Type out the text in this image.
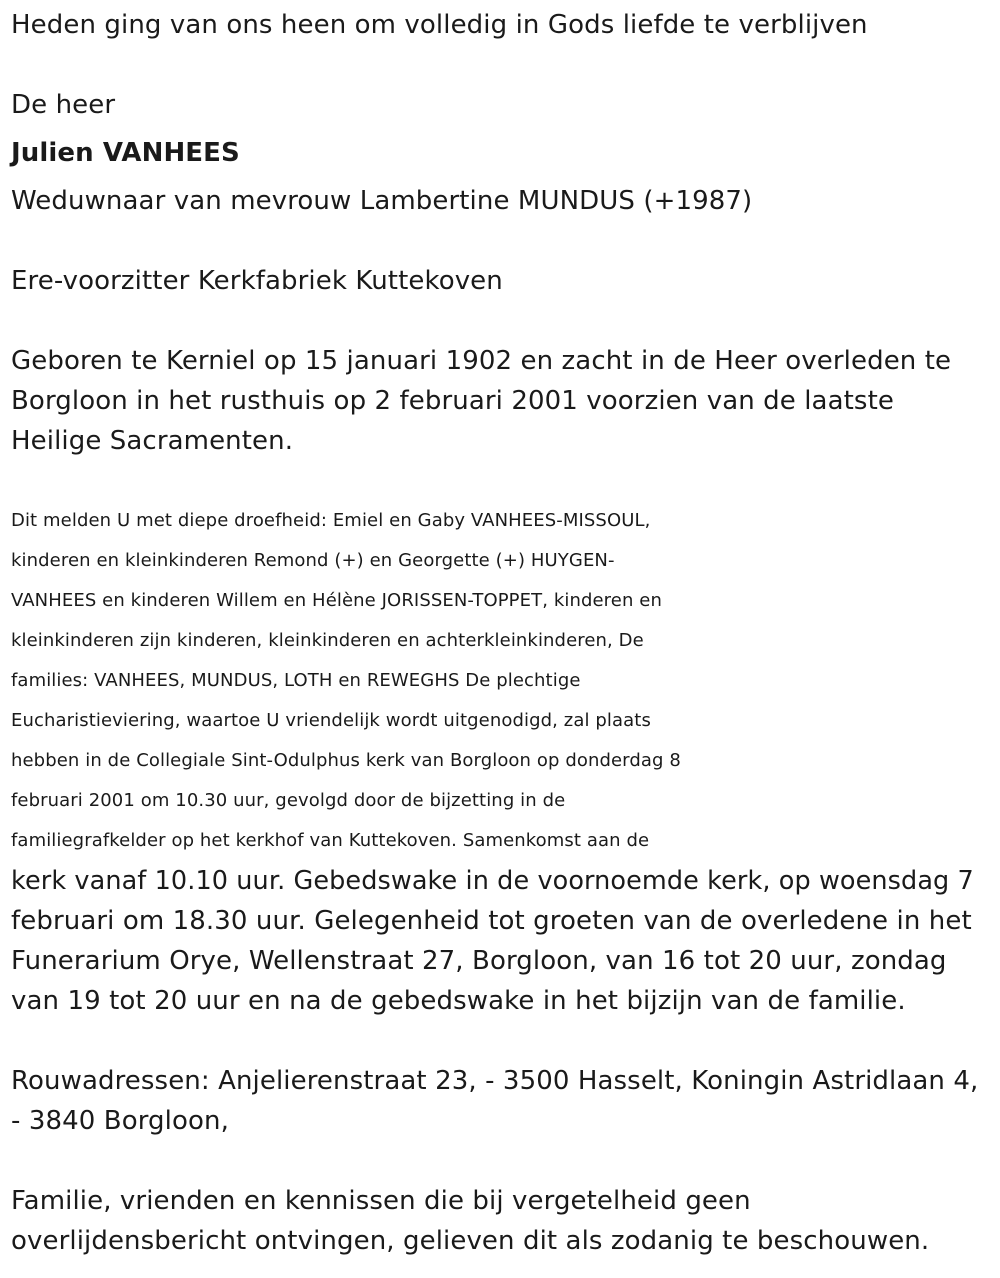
Heden ging van ons heen om volledig in Gods liefde te verblijven

De heer

Julien VANHEES

Weduwnaar van mevrouw Lambertine MUNDUS (+1987)

Ere-voorzitter Kerkfabriek Kuttekoven

Geboren te Kerniel op 15 januari 1902 en zacht in de Heer overleden te

Borgloon in het rusthuis op 2 februari 2001 voorzien van de laatste

Heilige Sacramenten.

Dit melden U met diepe droefheid: Emiel en Gaby VANHEES-MISSOUL,

kinderen en kleinkinderen Remond (+) en Georgette (+) HUYGEN-

VANHEES en kinderen Willem en Hélène JORISSEN-TOPPET, kinderen en

kleinkinderen zijn kinderen, kleinkinderen en achterkleinkinderen, De

families: VANHEES, MUNDUS, LOTH en REWEGHS De plechtige

Eucharistieviering, waartoe U vriendelijk wordt uitgenodigd, zal plaats

hebben in de Collegiale Sint-Odulphus kerk van Borgloon op donderdag 8

februari 2001 om 10.30 uur, gevolgd door de bijzetting in de

familiegrafkelder op het kerkhof van Kuttekoven. Samenkomst aan de

kerk vanaf 10.10 uur. Gebedswake in de voornoemde kerk, op woensdag 7

februari om 18.30 uur. Gelegenheid tot groeten van de overledene in het

Funerarium Orye, Wellenstraat 27, Borgloon, van 16 tot 20 uur, zondag

van 19 tot 20 uur en na de gebedswake in het bijzijn van de familie.

Rouwadressen: Anjelierenstraat 23, - 3500 Hasselt, Koningin Astridlaan 4,

- 3840 Borgloon,

Familie, vrienden en kennissen die bij vergetelheid geen

overlijdensbericht ontvingen, gelieven dit als zodanig te beschouwen.
